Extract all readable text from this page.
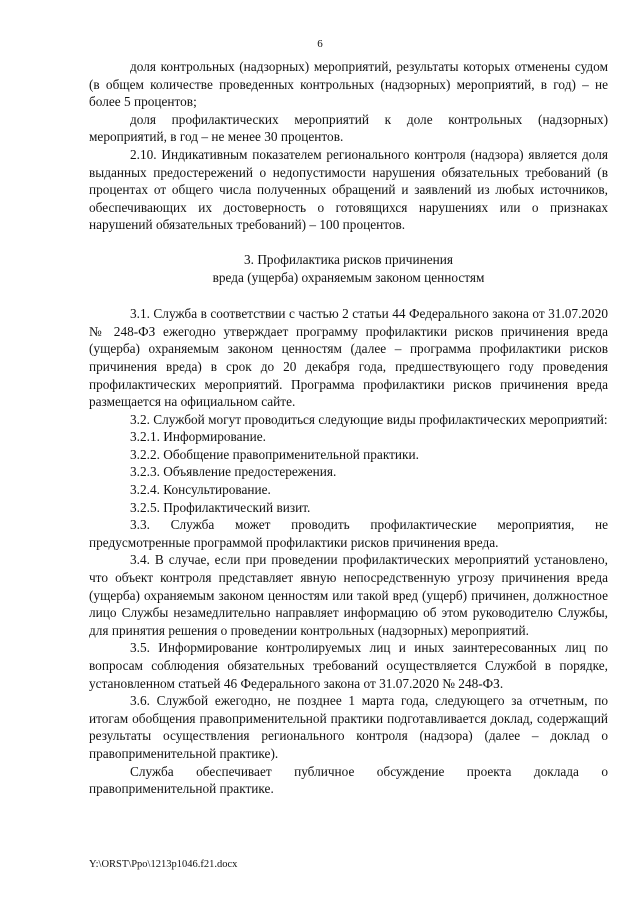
6

доля контрольных (надзорных) мероприятий, результаты которых отменены судом (в общем количестве проведенных контрольных (надзорных) мероприятий, в год) – не более 5 процентов;

доля профилактических мероприятий к доле контрольных (надзорных) мероприятий, в год – не менее 30 процентов.

2.10. Индикативным показателем регионального контроля (надзора) является доля выданных предостережений о недопустимости нарушения обязательных требований (в процентах от общего числа полученных обращений и заявлений из любых источников, обеспечивающих их достоверность о готовящихся нарушениях или о признаках нарушений обязательных требований) – 100 процентов.

3. Профилактика рисков причинения

вреда (ущерба) охраняемым законом ценностям

3.1. Служба в соответствии с частью 2 статьи 44 Федерального закона от 31.07.2020 № 248-ФЗ ежегодно утверждает программу профилактики рисков причинения вреда (ущерба) охраняемым законом ценностям (далее – программа профилактики рисков причинения вреда) в срок до 20 декабря года, предшествующего году проведения профилактических мероприятий. Программа профилактики рисков причинения вреда размещается на официальном сайте.

3.2. Службой могут проводиться следующие виды профилактических мероприятий:

3.2.1. Информирование.

3.2.2. Обобщение правоприменительной практики.

3.2.3. Объявление предостережения.

3.2.4. Консультирование.

3.2.5. Профилактический визит.

3.3. Служба может проводить профилактические мероприятия, не предусмотренные программой профилактики рисков причинения вреда.

3.4. В случае, если при проведении профилактических мероприятий установлено, что объект контроля представляет явную непосредственную угрозу причинения вреда (ущерба) охраняемым законом ценностям или такой вред (ущерб) причинен, должностное лицо Службы незамедлительно направляет информацию об этом руководителю Службы, для принятия решения о проведении контрольных (надзорных) мероприятий.

3.5. Информирование контролируемых лиц и иных заинтересованных лиц по вопросам соблюдения обязательных требований осуществляется Службой в порядке, установленном статьей 46 Федерального закона от 31.07.2020 № 248-ФЗ.

3.6. Службой ежегодно, не позднее 1 марта года, следующего за отчетным, по итогам обобщения правоприменительной практики подготавливается доклад, содержащий результаты осуществления регионального контроля (надзора) (далее – доклад о правоприменительной практике).

Служба обеспечивает публичное обсуждение проекта доклада о правоприменительной практике.

Y:\ORST\Ppo\1213p1046.f21.docx
